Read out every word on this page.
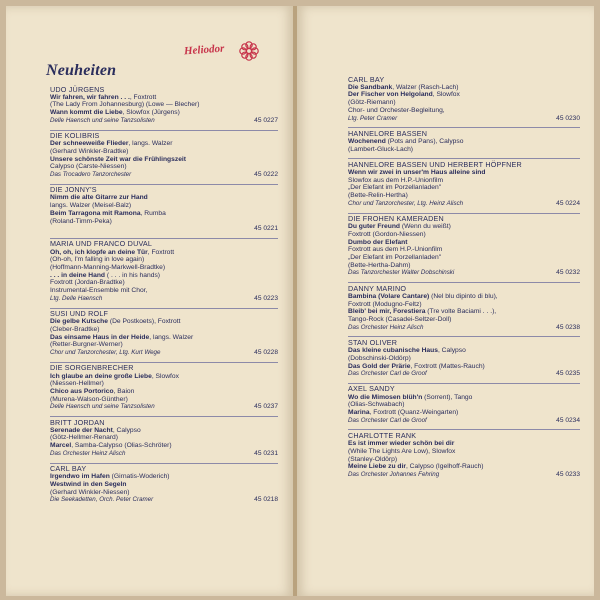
Neuheiten
Heliodor
UDO JÜRGENS
Wir fahren, wir fahren . . ., Foxtrott
(The Lady From Johannesburg) (Lowe — Blecher)
Wann kommt die Liebe, Slowfox (Jürgens)
Delle Haensch und seine Tanzsolisten	45 0227
DIE KOLIBRIS
Der schneeweiße Flieder, langs. Walzer
(Gerhard Winkler-Bradtke)
Unsere schönste Zeit war die Frühlingszeit
Calypso (Carste-Niessen)
Das Trocadero Tanzorchester	45 0222
DIE JONNY'S
Nimm die alte Gitarre zur Hand
langs. Walzer (Meisel-Balz)
Beim Tarragona mit Ramona, Rumba
(Roland-Timm-Peka)
45 0221
MARIA UND FRANCO DUVAL
Oh, oh, ich klopfe an deine Tür, Foxtrott
(Oh-oh, I'm falling in love again)
(Hoffmann-Manning-Markwell-Bradtke)
. . . in deine Hand ( . . . in his hands)
Foxtrott (Jordan-Bradtke)
Instrumental-Ensemble mit Chor,
Ltg. Delle Haensch	45 0223
SUSI UND ROLF
Die gelbe Kutsche (De Postkoets), Foxtrott
(Cleber-Bradtke)
Das einsame Haus in der Heide, langs. Walzer
(Retter-Burgner-Werner)
Chor und Tanzorchester, Ltg. Kurt Wege	45 0228
DIE SORGENBRECHER
Ich glaube an deine große Liebe, Slowfox
(Niessen-Hellmer)
Chico aus Portorico, Baion
(Murena-Walson-Günther)
Delle Haensch und seine Tanzsolisten	45 0237
BRITT JORDAN
Serenade der Nacht, Calypso
(Götz-Hellmer-Renard)
Marcel, Samba-Calypso (Olias-Schröter)
Das Orchester Heinz Alisch	45 0231
CARL BAY
Irgendwo im Hafen (Girnatis-Woderich)
Westwind in den Segeln
(Gerhard Winkler-Niessen)
Die Seekadetten, Orch. Peter Cramer	45 0218
CARL BAY
Die Sandbank, Walzer (Rasch-Lach)
Der Fischer von Helgoland, Slowfox
(Götz-Riemann)
Chor- und Orchester-Begleitung,
Ltg. Peter Cramer	45 0230
HANNELORE BASSEN
Wochenend (Pots and Pans), Calypso
(Lambert-Gluck-Lach)
HANNELORE BASSEN UND HERBERT HÖPFNER
Wenn wir zwei in unser'm Haus alleine sind
Slowfox aus dem H.P.-Unionfilm
„Der Elefant im Porzellanladen"
(Bette-Relin-Hertha)
Chor und Tanzorchester, Ltg. Heinz Alisch	45 0224
DIE FROHEN KAMERADEN
Du guter Freund (Wenn du weißt)
Foxtrott (Gordon-Niessen)
Dumbo der Elefant
Foxtrott aus dem H.P.-Unionfilm
„Der Elefant im Porzellanladen"
(Bette-Hertha-Dahm)
Das Tanzorchester Walter Dobschinski	45 0232
DANNY MARINO
Bambina (Volare Cantare) (Nel blu dipinto di blu),
Foxtrott (Modugno-Feltz)
Bleib' bei mir, Forestiera (Tre volte Baciami . . .),
Tango-Rock (Casadei-Seltzer-Doll)
Das Orchester Heinz Alisch	45 0238
STAN OLIVER
Das kleine cubanische Haus, Calypso
(Dobschinski-Oldörp)
Das Gold der Prärie, Foxtrott (Mattes-Rauch)
Das Orchester Carl de Groof	45 0235
AXEL SANDY
Wo die Mimosen blüh'n (Sorrent), Tango
(Olias-Schwabach)
Marina, Foxtrott (Quanz-Weingarten)
Das Orchester Carl de Groof	45 0234
CHARLOTTE RANK
Es ist immer wieder schön bei dir
(While The Lights Are Low), Slowfox
(Stanley-Oldörp)
Meine Liebe zu dir, Calypso (Igelhoff-Rauch)
Das Orchester Johannes Fehring	45 0233
